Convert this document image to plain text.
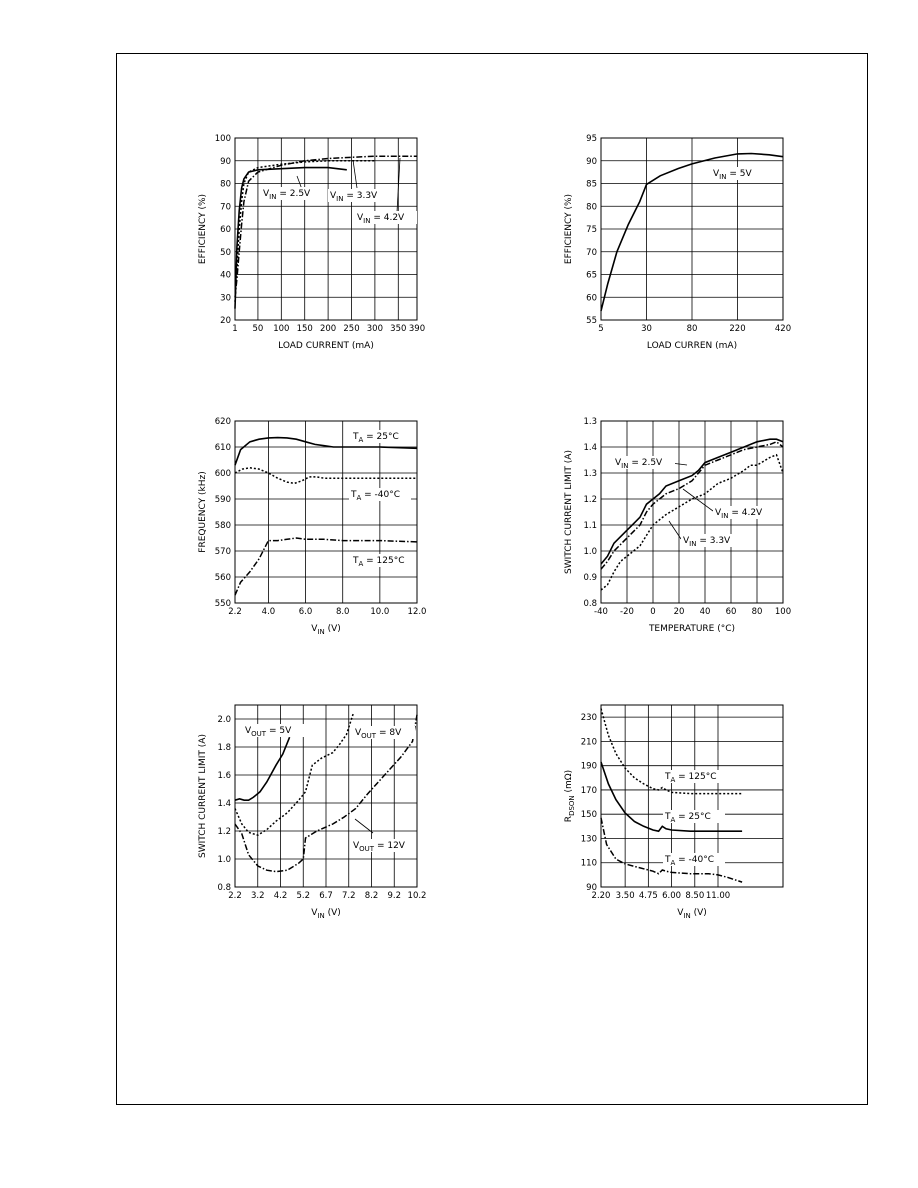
1 50 100 150 200 250 300 350 390
20
30
40
50
60
70
80
90
100
$V_{IN} = 2.5V$ $V_{IN} = 3.3V$
$V_{IN} = 4.2V$
LOAD CURRENT (mA)
EFFICIENCY (%)
5	30	80	220	420
55
60
65
70
75
80
85
90
95
$V_{IN} = 5V$
LOAD CURREN (mA)
EFFICIENCY (%)
2.2 4.0	6.0	8.0 10.0 12.0
550
560
570
580
590
600
610
620
$T_A = 25^\circ C$
$T_A = -40^\circ C$
$T_A = 125^\circ C$
$V_{IN}$ (V)
FREQUENCY (kHz)
-40 -20 0 20 40 60 80 100
0.8
0.9
1.0
1.1
1.2
1.3
1.4
1.3
$V_{IN} = 2.5V$
$V_{IN} = 4.2V$
$V_{IN} = 3.3V$
TEMPERATURE (°C)
SWITCH CURRENT LIMIT (A)
2.2 3.2 4.2 5.2 6.7 7.2 8.2 9.2 10.2
0.8
1.0
1.2
1.4
1.6
1.8
2.0
$V_{OUT} = 5V$	$V_{OUT} = 8V$
$V_{OUT} = 12V$
$V_{IN}$ (V)
SWITCH CURRENT LIMIT (A)
2.20 3.50 4.75 6.00 8.50 11.00
90
110
130
150
170
190
210
230
$T_A = 125^\circ C$
$T_A = 25^\circ C$
$T_A = -40^\circ C$
$V_{IN}$ (V)
$R_{DSON}$ (mΩ)
